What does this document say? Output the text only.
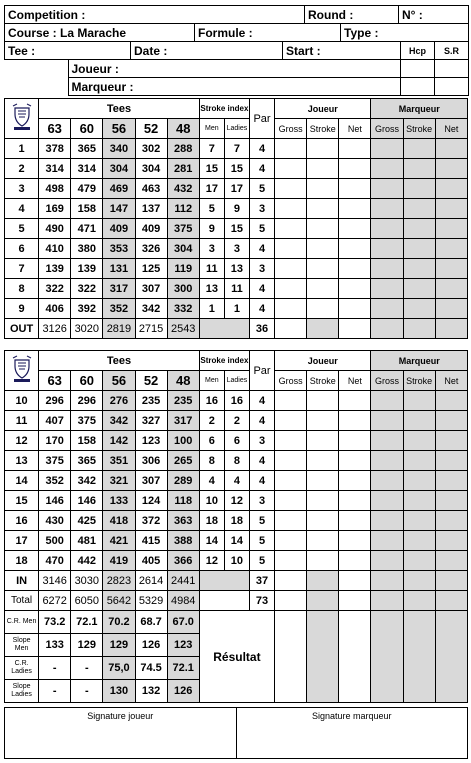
Competition :	Round :	N° :
Course : La Marache	Formule :	Type :
Tee :	Date :	Start :	Hcp	S.R
	Joueur :		
	Marqueur :		
	Tees					Stroke index		Par	Joueur			Marqueur		
	63	60	56	52	48	Men	Ladies		Gross	Stroke	Net	Gross	Stroke	Net
1	378	365	340	302	288	7	7	4						
2	314	314	304	304	281	15	15	4						
3	498	479	469	463	432	17	17	5						
4	169	158	147	137	112	5	9	3						
5	490	471	409	409	375	9	15	5						
6	410	380	353	326	304	3	3	4						
7	139	139	131	125	119	11	13	3						
8	322	322	317	307	300	13	11	4						
9	406	392	352	342	332	1	1	4						
OUT	3126	3020	2819	2715	2543			36						
	Tees					Stroke index		Par	Joueur			Marqueur		
	63	60	56	52	48	Men	Ladies		Gross	Stroke	Net	Gross	Stroke	Net
10	296	296	276	235	235	16	16	4						
11	407	375	342	327	317	2	2	4						
12	170	158	142	123	100	6	6	3						
13	375	365	351	306	265	8	8	4						
14	352	342	321	307	289	4	4	4						
15	146	146	133	124	118	10	12	3						
16	430	425	418	372	363	18	18	5						
17	500	481	421	415	388	14	14	5						
18	470	442	419	405	366	12	10	5						
IN	3146	3030	2823	2614	2441			37						
Total	6272	6050	5642	5329	4984			73						
C.R. Men	73.2	72.1	70.2	68.7	67.0	Résultat								
Slope Men	133	129	129	126	123									
C.R. Ladies	-	-	75,0	74.5	72.1									
Slope Ladies	-	-	130	132	126									
Signature joueur	Signature marqueur
